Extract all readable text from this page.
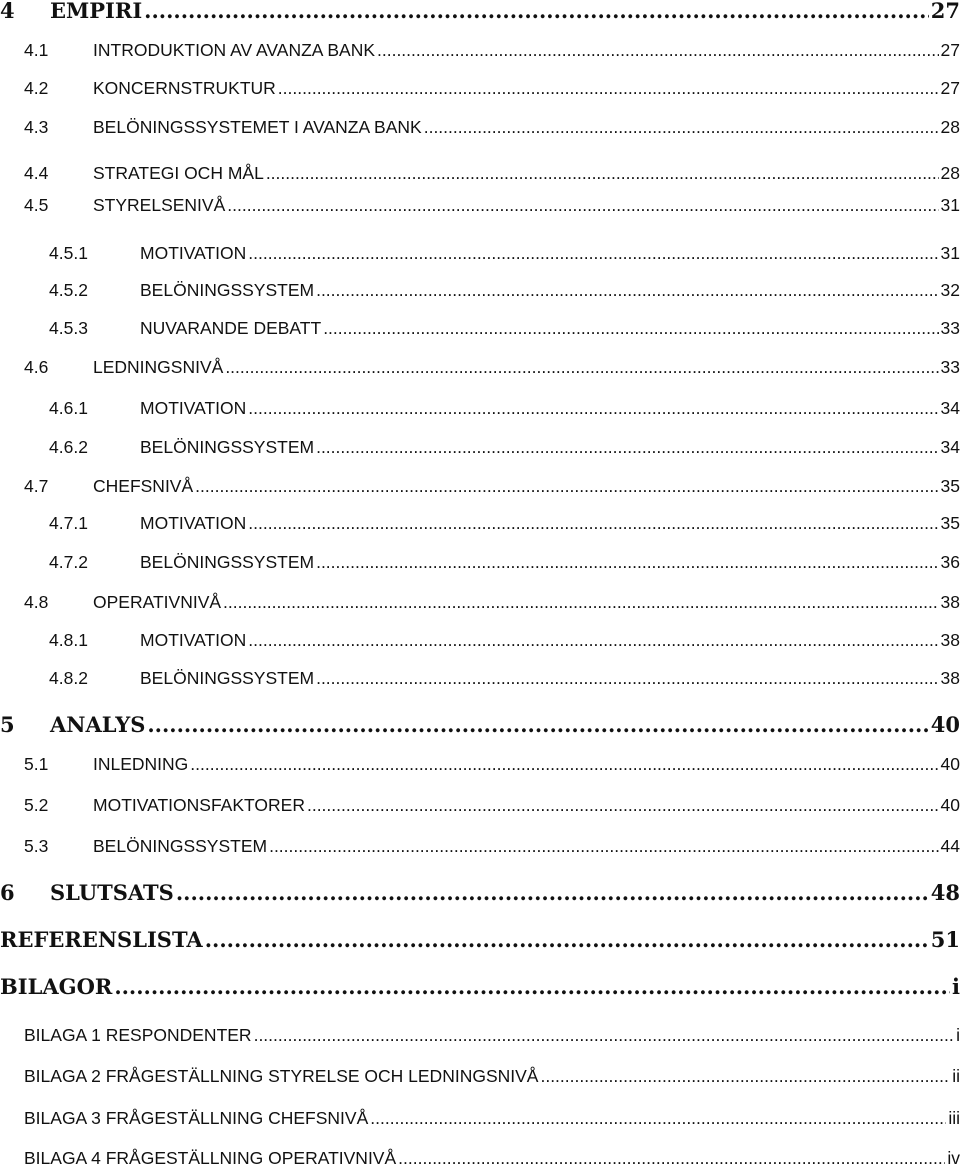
4	EMPIRI .....	27
4.1	INTRODUKTION AV AVANZA BANK .....	27
4.2	KONCERNSTRUKTUR .....	27
4.3	BELÖNINGSSYSTEMET I AVANZA BANK .....	28
4.4	STRATEGI OCH MÅL .....	28
4.5	STYRELSENIVÅ .....	31
4.5.1	MOTIVATION .....	31
4.5.2	BELÖNINGSSYSTEM .....	32
4.5.3	NUVARANDE DEBATT .....	33
4.6	LEDNINGSNIVÅ .....	33
4.6.1	MOTIVATION .....	34
4.6.2	BELÖNINGSSYSTEM .....	34
4.7	CHEFSNIVÅ .....	35
4.7.1	MOTIVATION .....	35
4.7.2	BELÖNINGSSYSTEM .....	36
4.8	OPERATIVNIVÅ .....	38
4.8.1	MOTIVATION .....	38
4.8.2	BELÖNINGSSYSTEM .....	38
5	ANALYS .....	40
5.1	INLEDNING .....	40
5.2	MOTIVATIONSFAKTORER .....	40
5.3	BELÖNINGSSYSTEM .....	44
6	SLUTSATS .....	48
REFERENSLISTA .....	51
BILAGOR .....	i
BILAGA 1 RESPONDENTER .....	i
BILAGA 2 FRÅGESTÄLLNING STYRELSE OCH LEDNINGSNIVÅ .....	ii
BILAGA 3 FRÅGESTÄLLNING CHEFSNIVÅ .....	iii
BILAGA 4 FRÅGESTÄLLNING OPERATIVNIVÅ .....	iv
